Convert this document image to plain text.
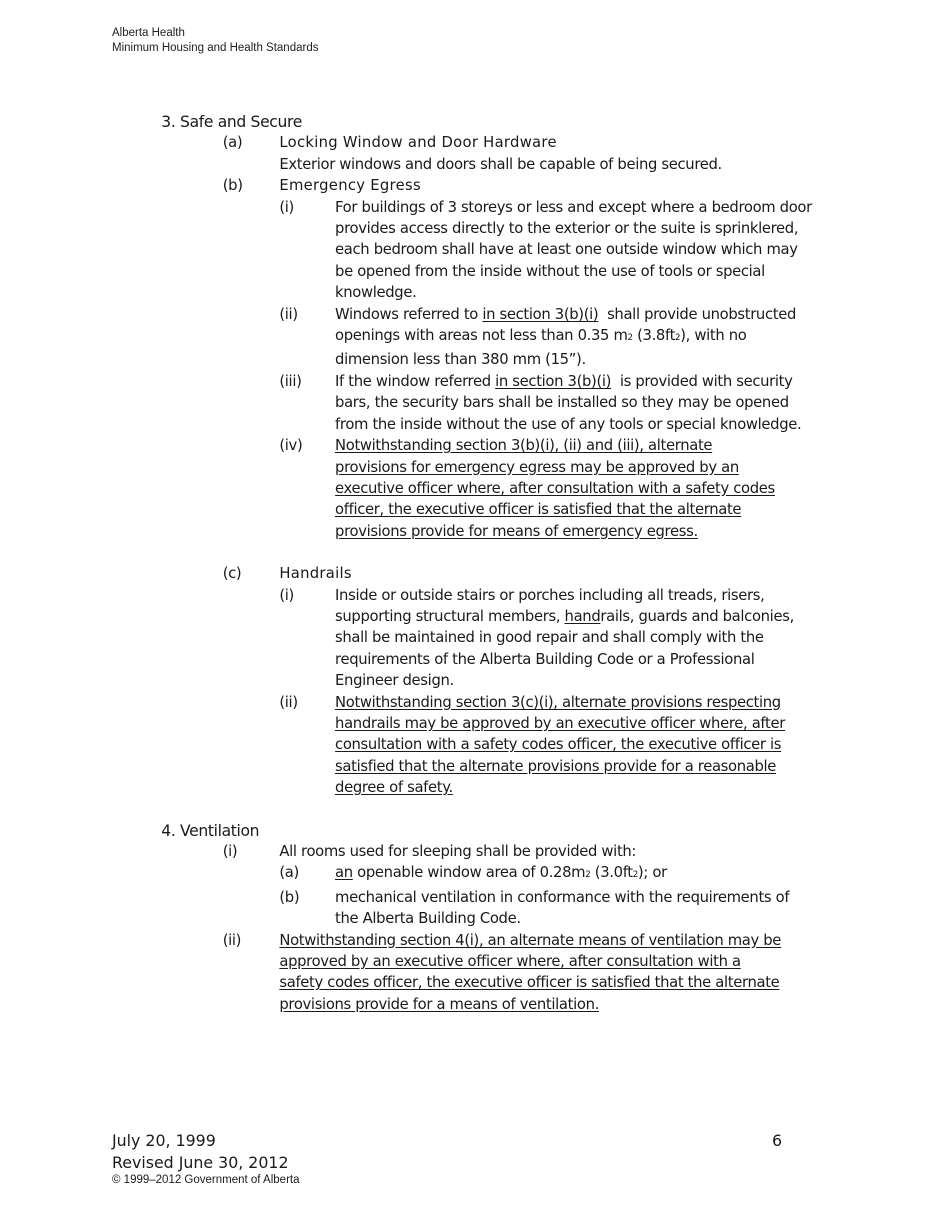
Alberta Health
Minimum Housing and Health Standards
3. Safe and Secure
(a) Locking Window and Door Hardware
Exterior windows and doors shall be capable of being secured.
(b) Emergency Egress
(i)	For buildings of 3 storeys or less and except where a bedroom door
provides access directly to the exterior or the suite is sprinklered,
each bedroom shall have at least one outside window which may
be opened from the inside without the use of tools or special
knowledge.
(ii) Windows referred to in section 3(b)(i)  shall provide unobstructed
openings with areas not less than 0.35 m2 (3.8ft2), with no
dimension less than 380 mm (15”).
(iii) If the window referred in section 3(b)(i)  is provided with security
bars, the security bars shall be installed so they may be opened
from the inside without the use of any tools or special knowledge.
(iv) Notwithstanding section 3(b)(i), (ii) and (iii), alternate
provisions for emergency egress may be approved by an
executive officer where, after consultation with a safety codes
officer, the executive officer is satisfied that the alternate
provisions provide for means of emergency egress.
(c) Handrails
(i)	Inside or outside stairs or porches including all treads, risers,
supporting structural members, handrails, guards and balconies,
shall be maintained in good repair and shall comply with the
requirements of the Alberta Building Code or a Professional
Engineer design.
(ii) Notwithstanding section 3(c)(i), alternate provisions respecting
handrails may be approved by an executive officer where, after
consultation with a safety codes officer, the executive officer is
satisfied that the alternate provisions provide for a reasonable
degree of safety.
4. Ventilation
(i)	All rooms used for sleeping shall be provided with:
(a) an openable window area of 0.28m2 (3.0ft2); or
(b) mechanical ventilation in conformance with the requirements of
the Alberta Building Code.
(ii) Notwithstanding section 4(i), an alternate means of ventilation may be
approved by an executive officer where, after consultation with a
safety codes officer, the executive officer is satisfied that the alternate
provisions provide for a means of ventilation.
July 20, 1999
Revised June 30, 2012
© 1999–2012 Government of Alberta
6
